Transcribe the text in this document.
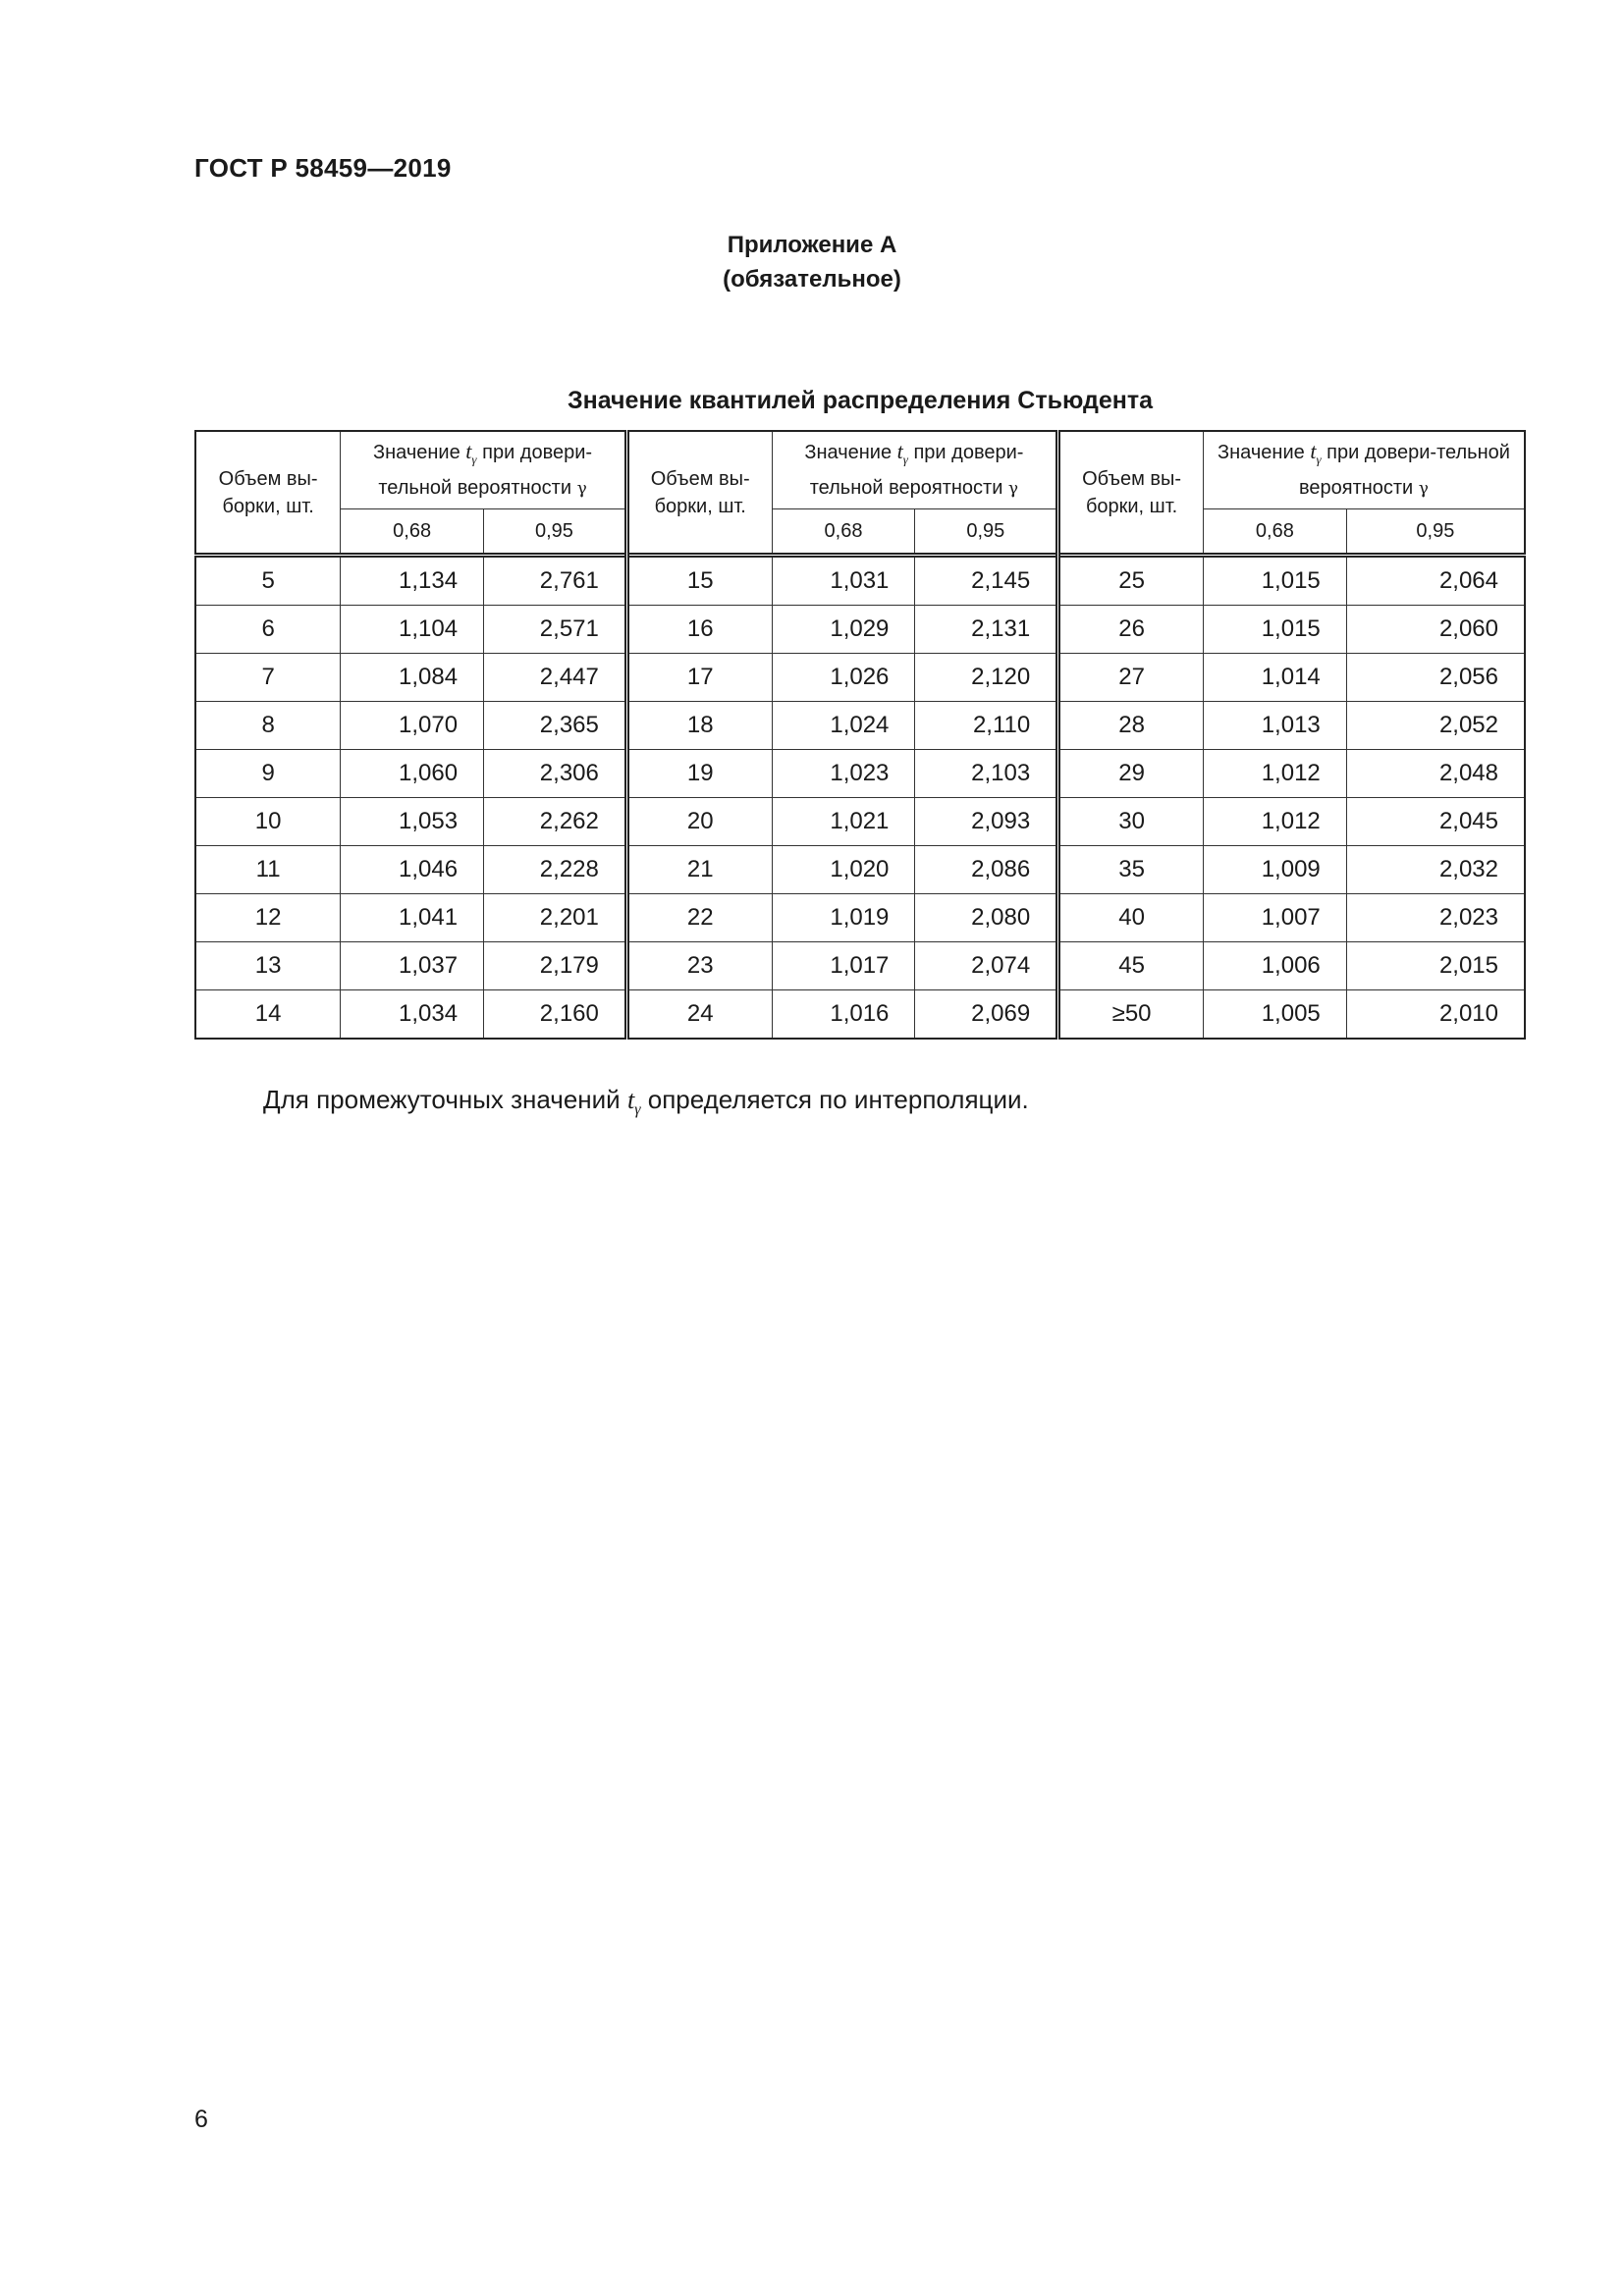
ГОСТ Р 58459—2019
Приложение А
(обязательное)
Значение квантилей распределения Стьюдента
Объем вы-борки, шт.	Значение $t_\gamma$ при довери-тельной вероятности γ		Объем вы-борки, шт.	Значение $t_\gamma$ при довери-тельной вероятности γ		Объем вы-борки, шт.	Значение $t_\gamma$ при довери-тельной вероятности γ	
	0,68	0,95		0,68	0,95		0,68	0,95
5	1,134	2,761	15	1,031	2,145	25	1,015	2,064
6	1,104	2,571	16	1,029	2,131	26	1,015	2,060
7	1,084	2,447	17	1,026	2,120	27	1,014	2,056
8	1,070	2,365	18	1,024	2,110	28	1,013	2,052
9	1,060	2,306	19	1,023	2,103	29	1,012	2,048
10	1,053	2,262	20	1,021	2,093	30	1,012	2,045
11	1,046	2,228	21	1,020	2,086	35	1,009	2,032
12	1,041	2,201	22	1,019	2,080	40	1,007	2,023
13	1,037	2,179	23	1,017	2,074	45	1,006	2,015
14	1,034	2,160	24	1,016	2,069	≥50	1,005	2,010
Для промежуточных значений $t_\gamma$ определяется по интерполяции.
6
